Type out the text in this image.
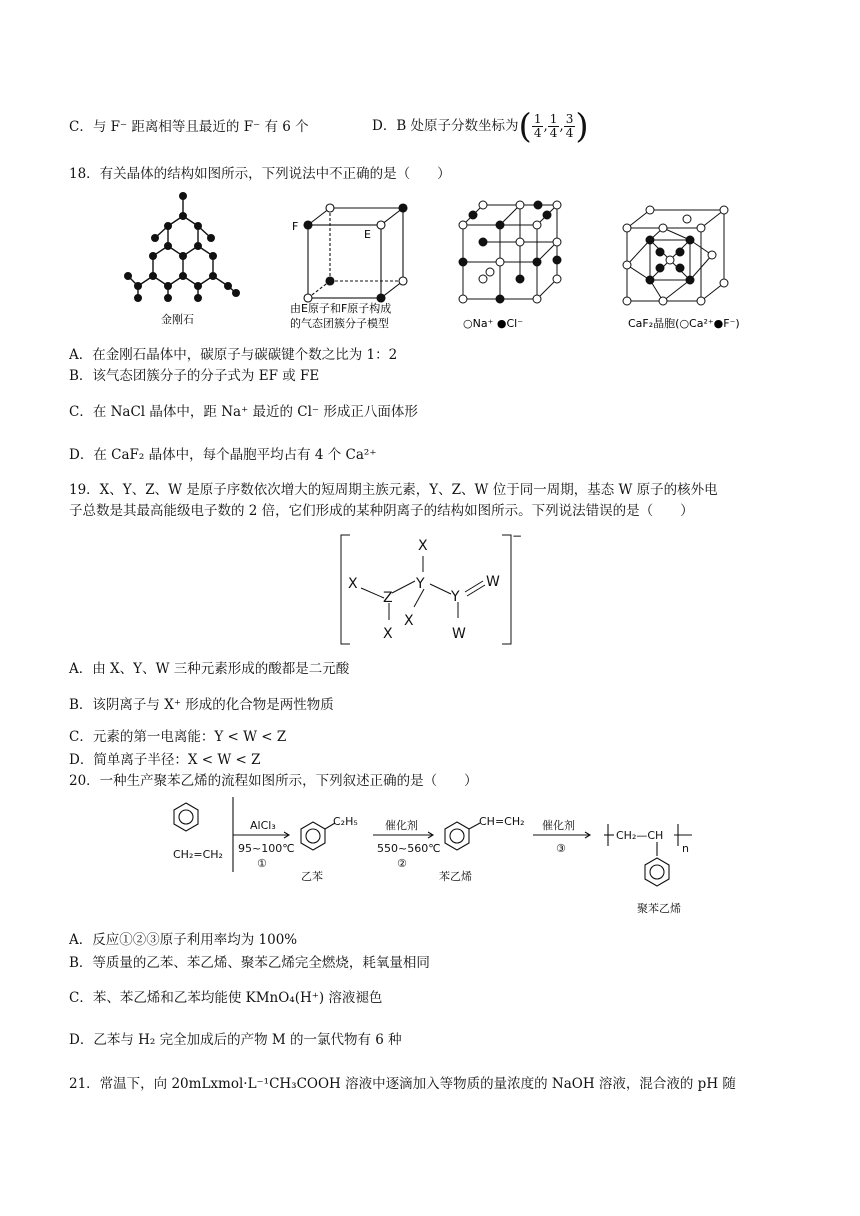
C．与 F⁻ 距离相等且最近的 F⁻ 有 6 个	D．B 处原子分数坐标为( $\frac{1}{4}$ , $\frac{1}{4}$ , $\frac{3}{4}$ )
18．有关晶体的结构如图所示，下列说法中不正确的是（　　）
金刚石
F
E
由E原子和F原子构成
的气态团簇分子模型	○Na⁺ ●Cl⁻	CaF₂晶胞(○Ca²⁺●F⁻)
X
Y
X
Z
X
Y
W
X	W
−
CH₂=CH₂
AlCl₃
95~100℃
①
C₂H₅
乙苯
催化剂
550~560℃
②
CH=CH₂
苯乙烯
催化剂
③
CH₂—CH
n
聚苯乙烯
A．在金刚石晶体中，碳原子与碳碳键个数之比为 1：2
B．该气态团簇分子的分子式为 EF 或 FE
C．在 NaCl 晶体中，距 Na⁺ 最近的 Cl⁻ 形成正八面体形
D．在 CaF₂ 晶体中，每个晶胞平均占有 4 个 Ca²⁺
19．X、Y、Z、W 是原子序数依次增大的短周期主族元素，Y、Z、W 位于同一周期，基态 W 原子的核外电
子总数是其最高能级电子数的 2 倍，它们形成的某种阴离子的结构如图所示。下列说法错误的是（　　）
A．由 X、Y、W 三种元素形成的酸都是二元酸
B．该阴离子与 X⁺ 形成的化合物是两性物质
C．元素的第一电离能：Y < W < Z
D．简单离子半径：X < W < Z
20．一种生产聚苯乙烯的流程如图所示，下列叙述正确的是（　　）
A．反应①②③原子利用率均为 100%
B．等质量的乙苯、苯乙烯、聚苯乙烯完全燃烧，耗氧量相同
C．苯、苯乙烯和乙苯均能使 KMnO₄(H⁺) 溶液褪色
D．乙苯与 H₂ 完全加成后的产物 M 的一氯代物有 6 种
21．常温下，向 20mLxmol·L⁻¹CH₃COOH 溶液中逐滴加入等物质的量浓度的 NaOH 溶液，混合液的 pH 随
